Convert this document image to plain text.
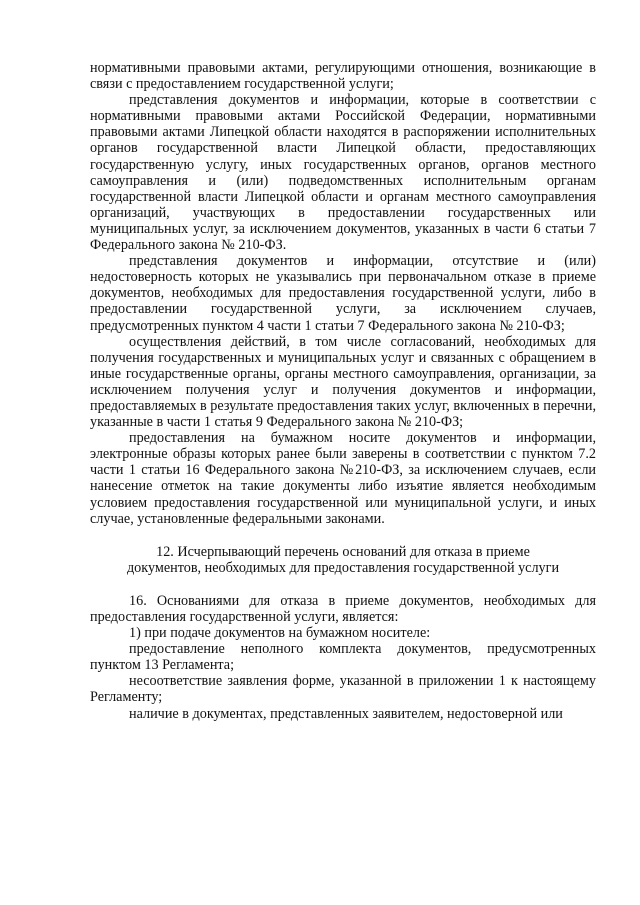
нормативными правовыми актами, регулирующими отношения, возникающие в связи с предоставлением государственной услуги;

представления документов и информации, которые в соответствии с нормативными правовыми актами Российской Федерации, нормативными правовыми актами Липецкой области находятся в распоряжении исполнительных органов государственной власти Липецкой области, предоставляющих государственную услугу, иных государственных органов, органов местного самоуправления и (или) подведомственных исполнительным органам государственной власти Липецкой области и органам местного самоуправления организаций, участвующих в предоставлении государственных или муниципальных услуг, за исключением документов, указанных в части 6 статьи 7 Федерального закона № 210-ФЗ.

представления документов и информации, отсутствие и (или) недостоверность которых не указывались при первоначальном отказе в приеме документов, необходимых для предоставления государственной услуги, либо в предоставлении государственной услуги, за исключением случаев, предусмотренных пунктом 4 части 1 статьи 7 Федерального закона № 210-ФЗ;

осуществления действий, в том числе согласований, необходимых для получения государственных и муниципальных услуг и связанных с обращением в иные государственные органы, органы местного самоуправления, организации, за исключением получения услуг и получения документов и информации, предоставляемых в результате предоставления таких услуг, включенных в перечни, указанные в части 1 статья 9 Федерального закона № 210-ФЗ;

предоставления на бумажном носите документов и информации, электронные образы которых ранее были заверены в соответствии с пунктом 7.2 части 1 статьи 16 Федерального закона №210-ФЗ, за исключением случаев, если нанесение отметок на такие документы либо изъятие является необходимым условием предоставления государственной или муниципальной услуги, и иных случае, установленные федеральными законами.

12. Исчерпывающий перечень оснований для отказа в приеме документов, необходимых для предоставления государственной услуги

16. Основаниями для отказа в приеме документов, необходимых для предоставления государственной услуги, является:

1) при подаче документов на бумажном носителе:

предоставление неполного комплекта документов, предусмотренных пунктом 13 Регламента;

несоответствие заявления форме, указанной в приложении 1 к настоящему Регламенту;

наличие в документах, представленных заявителем, недостоверной или
